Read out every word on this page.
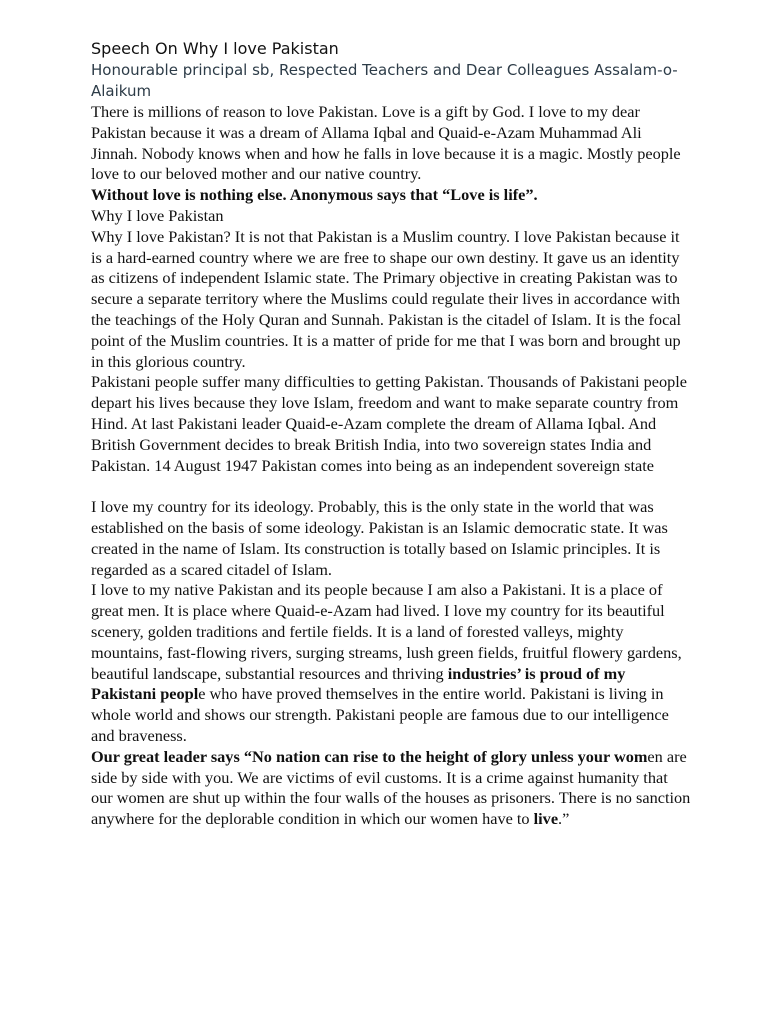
Speech On Why I love Pakistan

Honourable principal sb, Respected Teachers and Dear Colleagues Assalam-o-Alaikum

There is millions of reason to love Pakistan. Love is a gift by God. I love to my dear Pakistan because it was a dream of Allama Iqbal and Quaid-e-Azam Muhammad Ali Jinnah. Nobody knows when and how he falls in love because it is a magic. Mostly people love to our beloved mother and our native country.
Without love is nothing else. Anonymous says that “Love is life”.

Why I love Pakistan

Why I love Pakistan? It is not that Pakistan is a Muslim country. I love Pakistan because it is a hard-earned country where we are free to shape our own destiny. It gave us an identity as citizens of independent Islamic state. The Primary objective in creating Pakistan was to secure a separate territory where the Muslims could regulate their lives in accordance with the teachings of the Holy Quran and Sunnah. Pakistan is the citadel of Islam. It is the focal point of the Muslim countries. It is a matter of pride for me that I was born and brought up in this glorious country.

Pakistani people suffer many difficulties to getting Pakistan. Thousands of Pakistani people depart his lives because they love Islam, freedom and want to make separate country from Hind. At last Pakistani leader Quaid-e-Azam complete the dream of Allama Iqbal. And British Government decides to break British India, into two sovereign states India and Pakistan. 14 August 1947 Pakistan comes into being as an independent sovereign state

I love my country for its ideology. Probably, this is the only state in the world that was established on the basis of some ideology. Pakistan is an Islamic democratic state. It was created in the name of Islam. Its construction is totally based on Islamic principles. It is regarded as a scared citadel of Islam.

I love to my native Pakistan and its people because I am also a Pakistani. It is a place of great men. It is place where Quaid-e-Azam had lived. I love my country for its beautiful scenery, golden traditions and fertile fields. It is a land of forested valleys, mighty mountains, fast-flowing rivers, surging streams, lush green fields, fruitful flowery gardens, beautiful landscape, substantial resources and thriving industries’ is proud of my Pakistani people who have proved themselves in the entire world. Pakistani is living in whole world and shows our strength. Pakistani people are famous due to our intelligence and braveness.

Our great leader says “No nation can rise to the height of glory unless your women are side by side with you. We are victims of evil customs. It is a crime against humanity that our women are shut up within the four walls of the houses as prisoners. There is no sanction anywhere for the deplorable condition in which our women have to live.”
